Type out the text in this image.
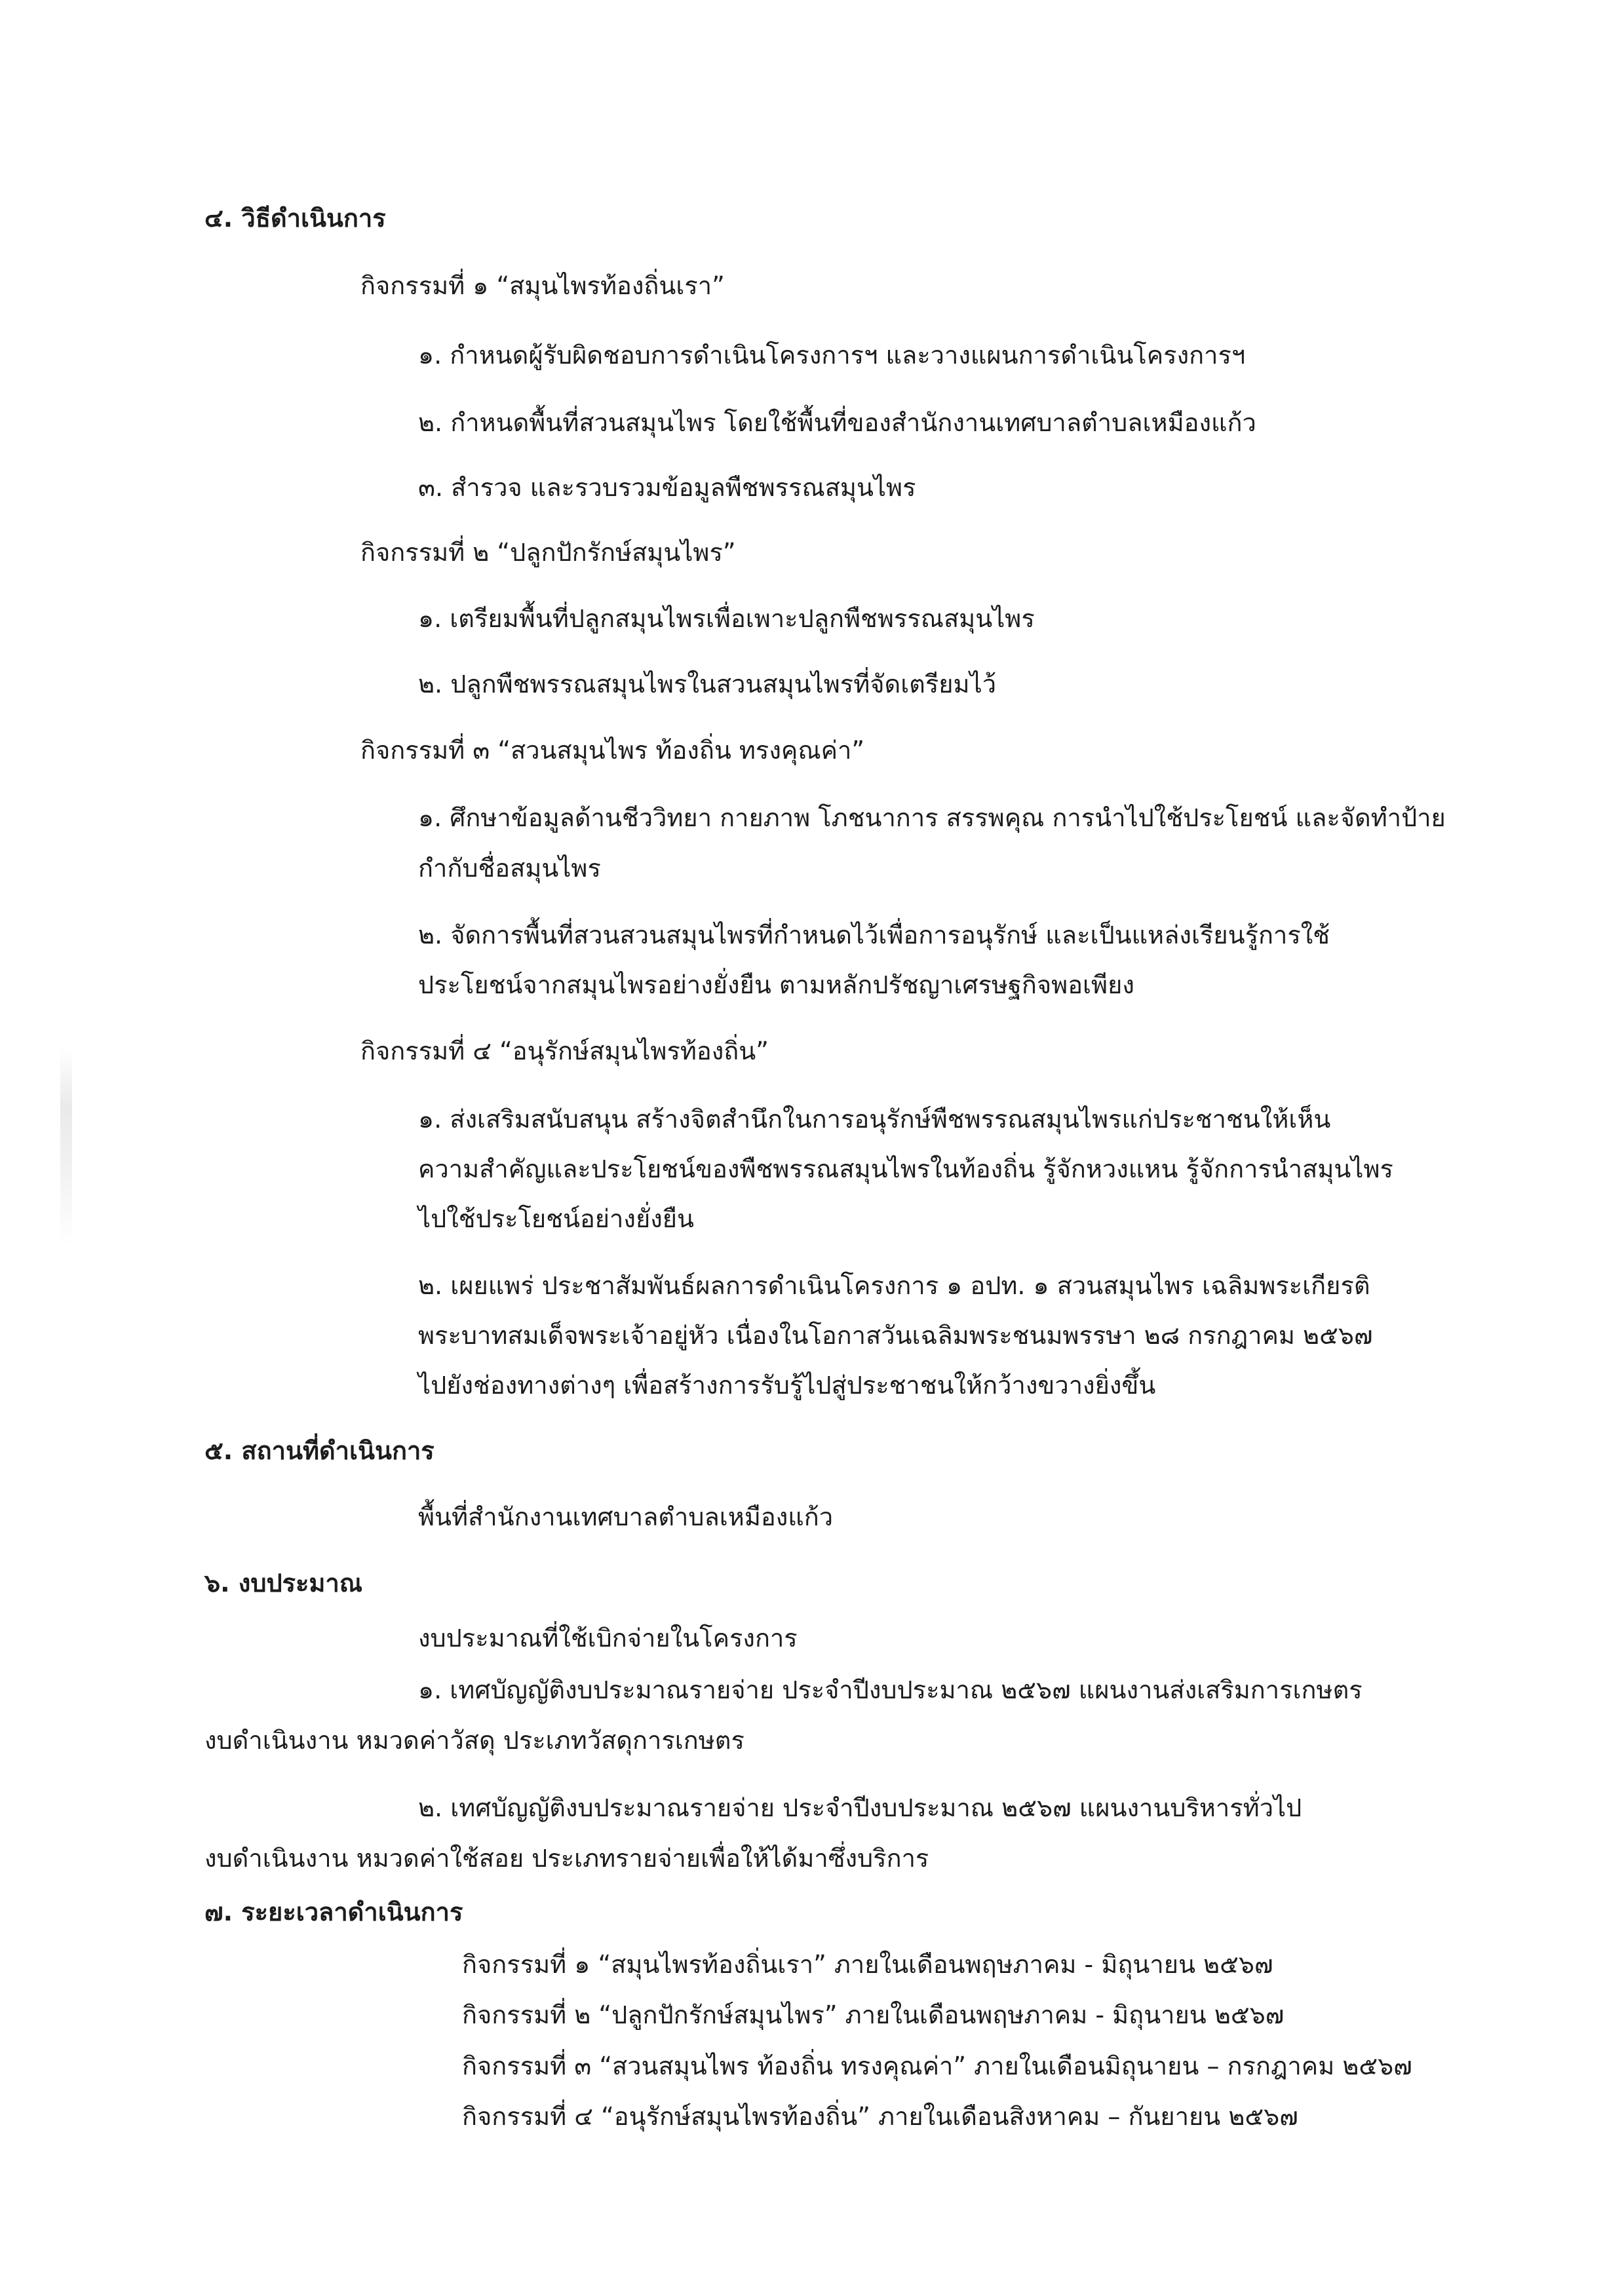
๔. วิธีดำเนินการ

กิจกรรมที่ ๑ “สมุนไพรท้องถิ่นเรา”

๑. กำหนดผู้รับผิดชอบการดำเนินโครงการฯ และวางแผนการดำเนินโครงการฯ

๒. กำหนดพื้นที่สวนสมุนไพร โดยใช้พื้นที่ของสำนักงานเทศบาลตำบลเหมืองแก้ว

๓. สำรวจ และรวบรวมข้อมูลพืชพรรณสมุนไพร

กิจกรรมที่ ๒ “ปลูกปักรักษ์สมุนไพร”

๑. เตรียมพื้นที่ปลูกสมุนไพรเพื่อเพาะปลูกพืชพรรณสมุนไพร

๒. ปลูกพืชพรรณสมุนไพรในสวนสมุนไพรที่จัดเตรียมไว้

กิจกรรมที่ ๓ “สวนสมุนไพร ท้องถิ่น ทรงคุณค่า”

๑. ศึกษาข้อมูลด้านชีววิทยา กายภาพ โภชนาการ สรรพคุณ การนำไปใช้ประโยชน์ และจัดทำป้าย

กำกับชื่อสมุนไพร

๒. จัดการพื้นที่สวนสวนสมุนไพรที่กำหนดไว้เพื่อการอนุรักษ์ และเป็นแหล่งเรียนรู้การใช้

ประโยชน์จากสมุนไพรอย่างยั่งยืน ตามหลักปรัชญาเศรษฐกิจพอเพียง

กิจกรรมที่ ๔ “อนุรักษ์สมุนไพรท้องถิ่น”

๑. ส่งเสริมสนับสนุน สร้างจิตสำนึกในการอนุรักษ์พืชพรรณสมุนไพรแก่ประชาชนให้เห็น

ความสำคัญและประโยชน์ของพืชพรรณสมุนไพรในท้องถิ่น รู้จักหวงแหน รู้จักการนำสมุนไพร

ไปใช้ประโยชน์อย่างยั่งยืน

๒. เผยแพร่ ประชาสัมพันธ์ผลการดำเนินโครงการ ๑ อปท. ๑ สวนสมุนไพร เฉลิมพระเกียรติ

พระบาทสมเด็จพระเจ้าอยู่หัว เนื่องในโอกาสวันเฉลิมพระชนมพรรษา ๒๘ กรกฎาคม ๒๕๖๗

ไปยังช่องทางต่างๆ เพื่อสร้างการรับรู้ไปสู่ประชาชนให้กว้างขวางยิ่งขึ้น

๕. สถานที่ดำเนินการ

พื้นที่สำนักงานเทศบาลตำบลเหมืองแก้ว

๖. งบประมาณ

งบประมาณที่ใช้เบิกจ่ายในโครงการ

๑. เทศบัญญัติงบประมาณรายจ่าย ประจำปีงบประมาณ ๒๕๖๗ แผนงานส่งเสริมการเกษตร

งบดำเนินงาน หมวดค่าวัสดุ ประเภทวัสดุการเกษตร

๒. เทศบัญญัติงบประมาณรายจ่าย ประจำปีงบประมาณ ๒๕๖๗ แผนงานบริหารทั่วไป

งบดำเนินงาน หมวดค่าใช้สอย ประเภทรายจ่ายเพื่อให้ได้มาซึ่งบริการ

๗. ระยะเวลาดำเนินการ

กิจกรรมที่ ๑ “สมุนไพรท้องถิ่นเรา” ภายในเดือนพฤษภาคม - มิถุนายน ๒๕๖๗

กิจกรรมที่ ๒ “ปลูกปักรักษ์สมุนไพร” ภายในเดือนพฤษภาคม - มิถุนายน ๒๕๖๗

กิจกรรมที่ ๓ “สวนสมุนไพร ท้องถิ่น ทรงคุณค่า” ภายในเดือนมิถุนายน – กรกฎาคม ๒๕๖๗

กิจกรรมที่ ๔ “อนุรักษ์สมุนไพรท้องถิ่น” ภายในเดือนสิงหาคม – กันยายน ๒๕๖๗
